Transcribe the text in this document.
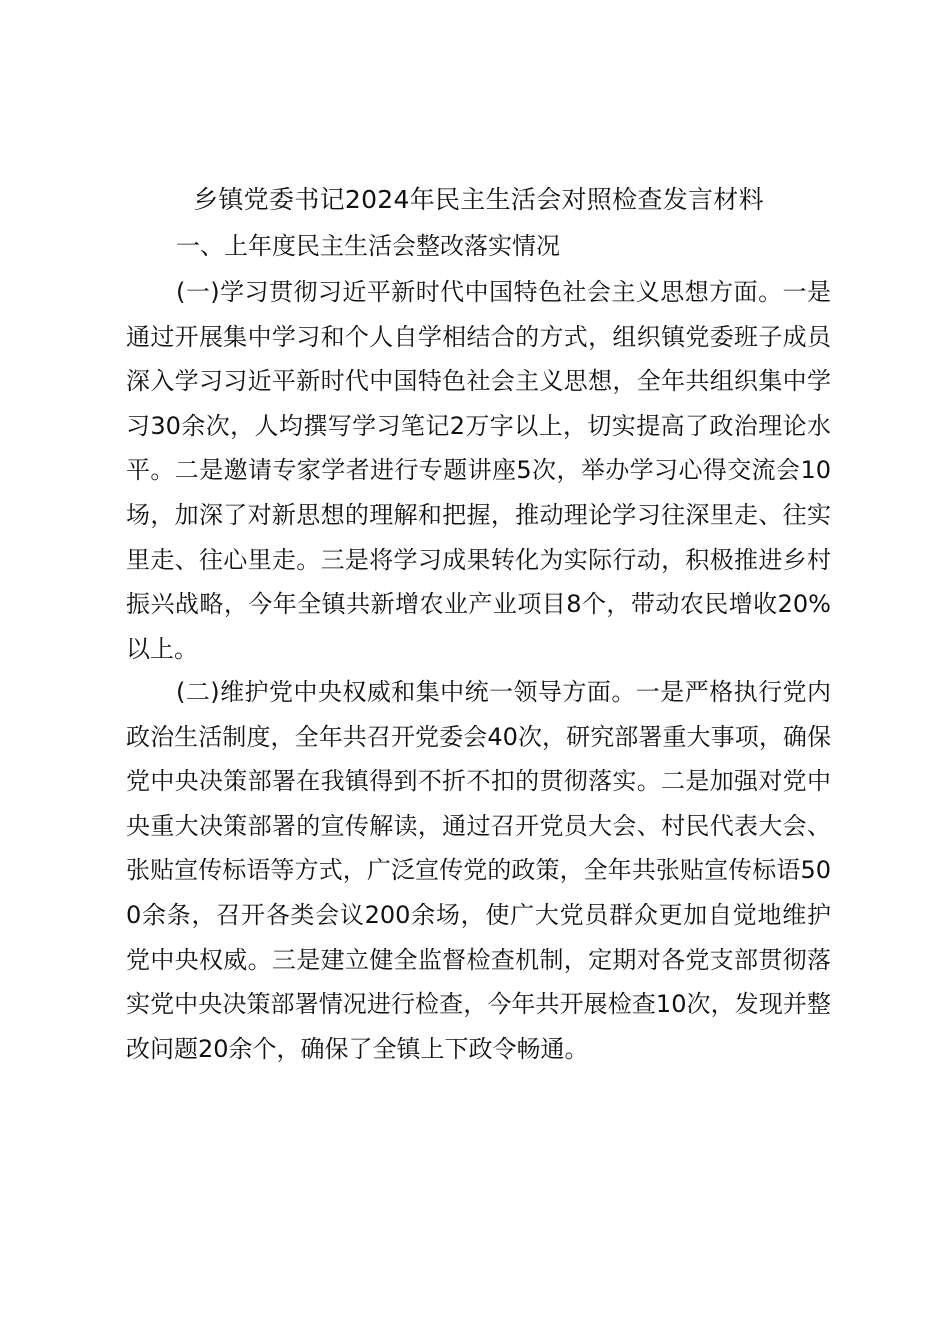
乡镇党委书记2024年民主生活会对照检查发言材料
一、上年度民主生活会整改落实情况

(一)学习贯彻习近平新时代中国特色社会主义思想方面。一是通过开展集中学习和个人自学相结合的方式，组织镇党委班子成员深入学习习近平新时代中国特色社会主义思想，全年共组织集中学习30余次，人均撰写学习笔记2万字以上，切实提高了政治理论水平。二是邀请专家学者进行专题讲座5次，举办学习心得交流会10场，加深了对新思想的理解和把握，推动理论学习往深里走、往实里走、往心里走。三是将学习成果转化为实际行动，积极推进乡村振兴战略，今年全镇共新增农业产业项目8个，带动农民增收20%以上。

(二)维护党中央权威和集中统一领导方面。一是严格执行党内政治生活制度，全年共召开党委会40次，研究部署重大事项，确保党中央决策部署在我镇得到不折不扣的贯彻落实。二是加强对党中央重大决策部署的宣传解读，通过召开党员大会、村民代表大会、张贴宣传标语等方式，广泛宣传党的政策，全年共张贴宣传标语500余条，召开各类会议200余场，使广大党员群众更加自觉地维护党中央权威。三是建立健全监督检查机制，定期对各党支部贯彻落实党中央决策部署情况进行检查，今年共开展检查10次，发现并整改问题20余个，确保了全镇上下政令畅通。
